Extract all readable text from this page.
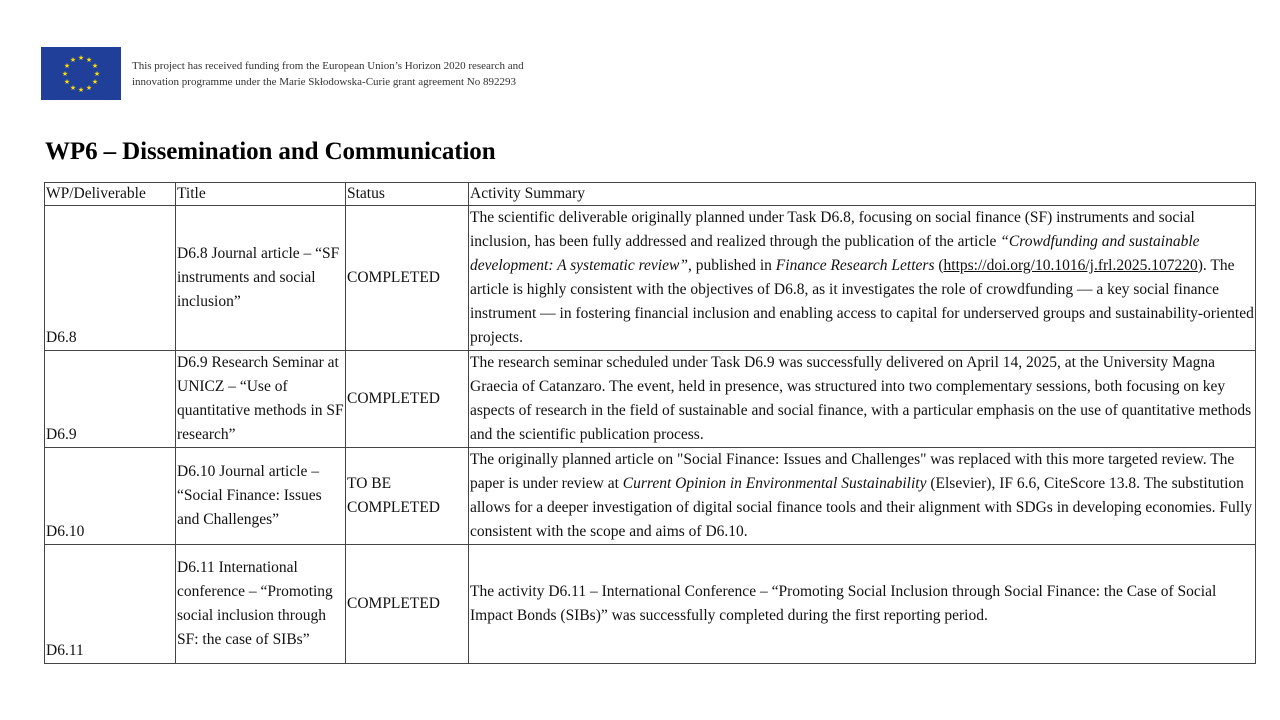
★ ★
★
★
★
★
★
★
★
★
★
★	This project has received funding from the European Union’s Horizon 2020 research and
innovation programme under the Marie Skłodowska-Curie grant agreement No 892293
WP6 – Dissemination and Communication
WP/Deliverable	Title	Status	Activity Summary
D6.8	D6.8 Journal article – “SF instruments and social inclusion”	COMPLETED	The scientific deliverable originally planned under Task D6.8, focusing on social finance (SF) instruments and social inclusion, has been fully addressed and realized through the publication of the article “Crowdfunding and sustainable development: A systematic review”, published in Finance Research Letters (https://doi.org/10.1016/j.frl.2025.107220). The article is highly consistent with the objectives of D6.8, as it investigates the role of crowdfunding — a key social finance instrument — in fostering financial inclusion and enabling access to capital for underserved groups and sustainability-oriented projects.
D6.9	D6.9 Research Seminar at UNICZ – “Use of quantitative methods in SF research”	COMPLETED	The research seminar scheduled under Task D6.9 was successfully delivered on April 14, 2025, at the University Magna Graecia of Catanzaro. The event, held in presence, was structured into two complementary sessions, both focusing on key aspects of research in the field of sustainable and social finance, with a particular emphasis on the use of quantitative methods and the scientific publication process.
D6.10	D6.10 Journal article – “Social Finance: Issues and Challenges”	TO BE COMPLETED	The originally planned article on "Social Finance: Issues and Challenges" was replaced with this more targeted review. The paper is under review at Current Opinion in Environmental Sustainability (Elsevier), IF 6.6, CiteScore 13.8. The substitution allows for a deeper investigation of digital social finance tools and their alignment with SDGs in developing economies. Fully consistent with the scope and aims of D6.10.
D6.11	D6.11 International conference – “Promoting social inclusion through SF: the case of SIBs”	COMPLETED	The activity D6.11 – International Conference – “Promoting Social Inclusion through Social Finance: the Case of Social Impact Bonds (SIBs)” was successfully completed during the first reporting period.
